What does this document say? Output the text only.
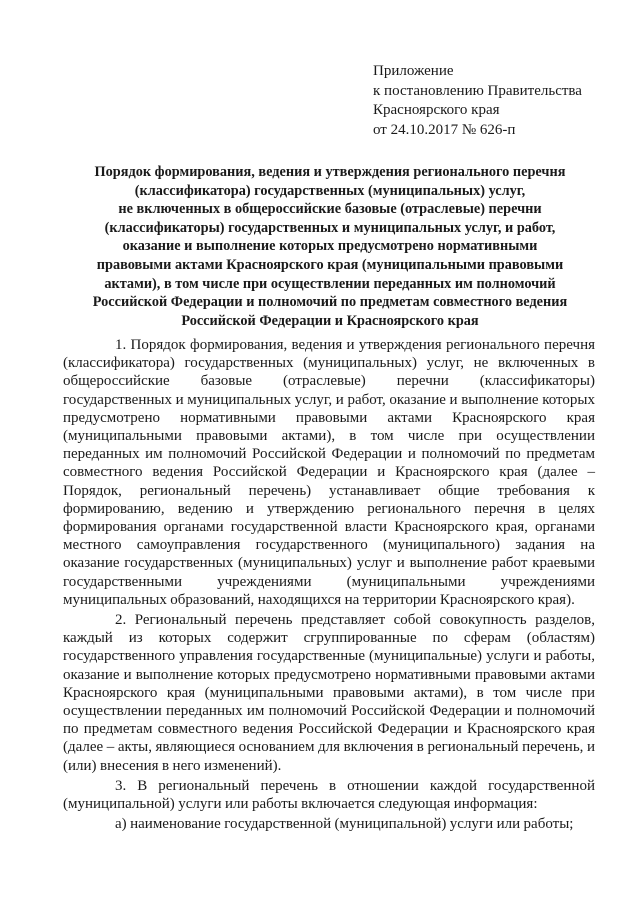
Приложение
к постановлению Правительства
Красноярского края
от 24.10.2017 № 626-п
Порядок формирования, ведения и утверждения регионального перечня
(классификатора) государственных (муниципальных) услуг,
не включенных в общероссийские базовые (отраслевые) перечни
(классификаторы) государственных и муниципальных услуг, и работ,
оказание и выполнение которых предусмотрено нормативными
правовыми актами Красноярского края (муниципальными правовыми
актами), в том числе при осуществлении переданных им полномочий
Российской Федерации и полномочий по предметам совместного ведения
Российской Федерации и Красноярского края

1. Порядок формирования, ведения и утверждения регионального перечня (классификатора) государственных (муниципальных) услуг, не включенных в общероссийские базовые (отраслевые) перечни (классификаторы) государственных и муниципальных услуг, и работ, оказание и выполнение которых предусмотрено нормативными правовыми актами Красноярского края (муниципальными правовыми актами), в том числе при осуществлении переданных им полномочий Российской Федерации и полномочий по предметам совместного ведения Российской Федерации и Красноярского края (далее – Порядок, региональный перечень) устанавливает общие требования к формированию, ведению и утверждению регионального перечня в целях формирования органами государственной власти Красноярского края, органами местного самоуправления государственного (муниципального) задания на оказание государственных (муниципальных) услуг и выполнение работ краевыми государственными учреждениями (муниципальными учреждениями муниципальных образований, находящихся на территории Красноярского края).

2. Региональный перечень представляет собой совокупность разделов, каждый из которых содержит сгруппированные по сферам (областям) государственного управления государственные (муниципальные) услуги и работы, оказание и выполнение которых предусмотрено нормативными правовыми актами Красноярского края (муниципальными правовыми актами), в том числе при осуществлении переданных им полномочий Российской Федерации и полномочий по предметам совместного ведения Российской Федерации и Красноярского края (далее – акты, являющиеся основанием для включения в региональный перечень, и (или) внесения в него изменений).

3. В региональный перечень в отношении каждой государственной (муниципальной) услуги или работы включается следующая информация:

а) наименование государственной (муниципальной) услуги или работы;
